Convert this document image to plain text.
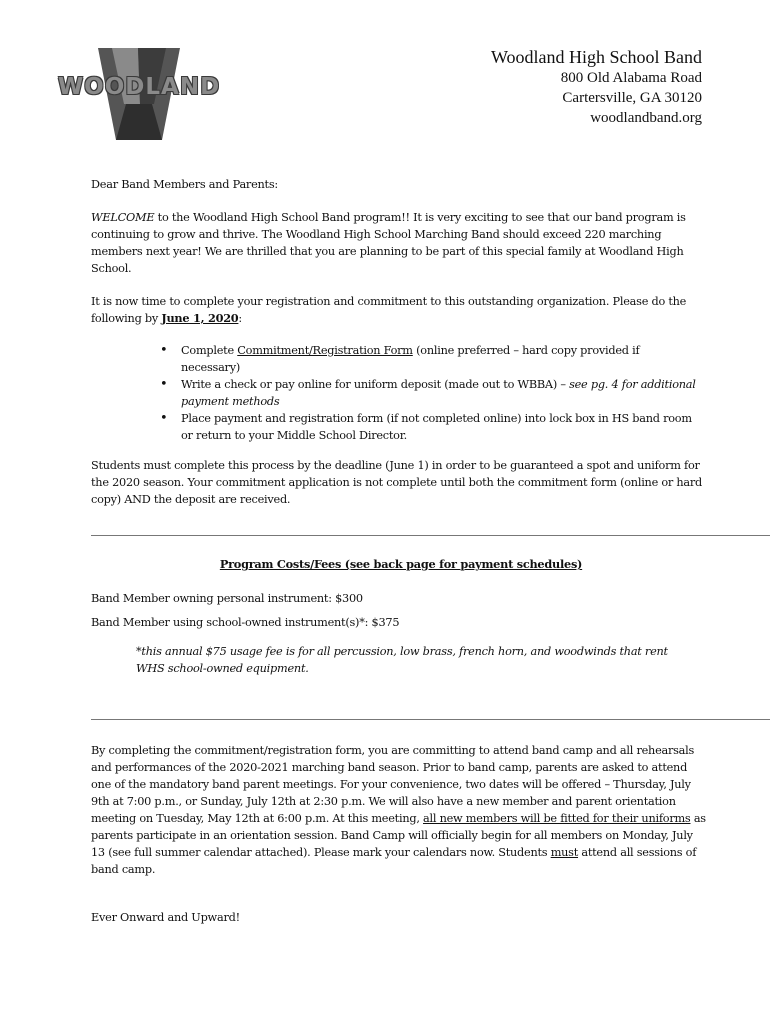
WOODLAND
Woodland High School Band
800 Old Alabama Road
Cartersville, GA 30120
woodlandband.org

Dear Band Members and Parents:

WELCOME to the Woodland High School Band program!! It is very exciting to see that our band program is continuing to grow and thrive. The Woodland High School Marching Band should exceed 220 marching members next year! We are thrilled that you are planning to be part of this special family at Woodland High School.

It is now time to complete your registration and commitment to this outstanding organization. Please do the following by June 1, 2020:

• Complete Commitment/Registration Form (online preferred – hard copy provided if necessary)
• Write a check or pay online for uniform deposit (made out to WBBA) – see pg. 4 for additional payment methods
• Place payment and registration form (if not completed online) into lock box in HS band room or return to your Middle School Director.

Students must complete this process by the deadline (June 1) in order to be guaranteed a spot and uniform for the 2020 season. Your commitment application is not complete until both the commitment form (online or hard copy) AND the deposit are received.

Program Costs/Fees (see back page for payment schedules)

Band Member owning personal instrument: $300

Band Member using school-owned instrument(s)*: $375

*this annual $75 usage fee is for all percussion, low brass, french horn, and woodwinds that rent WHS school-owned equipment.

By completing the commitment/registration form, you are committing to attend band camp and all rehearsals and performances of the 2020-2021 marching band season. Prior to band camp, parents are asked to attend one of the mandatory band parent meetings. For your convenience, two dates will be offered – Thursday, July 9th at 7:00 p.m., or Sunday, July 12th at 2:30 p.m. We will also have a new member and parent orientation meeting on Tuesday, May 12th at 6:00 p.m. At this meeting, all new members will be fitted for their uniforms as parents participate in an orientation session. Band Camp will officially begin for all members on Monday, July 13 (see full summer calendar attached). Please mark your calendars now. Students must attend all sessions of band camp.

Ever Onward and Upward!
